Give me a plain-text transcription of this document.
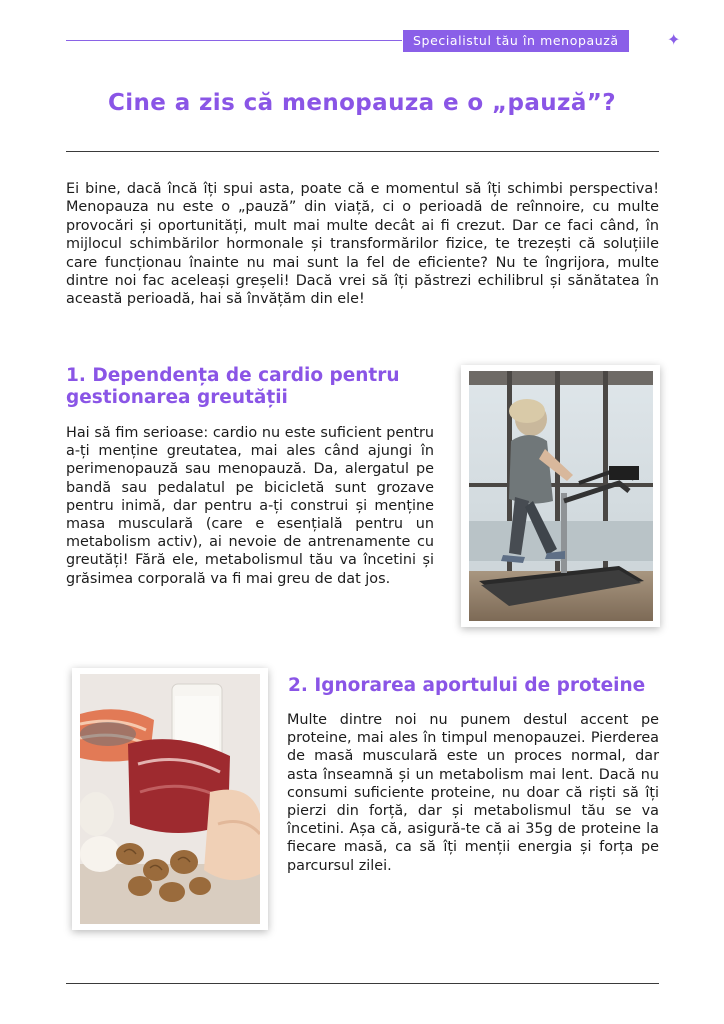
Specialistul tău în menopauză	✦
Cine a zis că menopauza e o „pauză”?

Ei bine, dacă încă îți spui asta, poate că e momentul să îți schimbi perspectiva! Menopauza nu este o „pauză” din viață, ci o perioadă de reînnoire, cu multe provocări și oportunități, mult mai multe decât ai fi crezut. Dar ce faci când, în mijlocul schimbărilor hormonale și transformărilor fizice, te trezești că soluțiile care funcționau înainte nu mai sunt la fel de eficiente? Nu te îngrijora, multe dintre noi fac aceleași greșeli! Dacă vrei să îți păstrezi echilibrul și sănătatea în această perioadă, hai să învățăm din ele!

1. Dependența de cardio pentru gestionarea greutății

Hai să fim serioase: cardio nu este suficient pentru a-ți menține greutatea, mai ales când ajungi în perimenopauză sau menopauză. Da, alergatul pe bandă sau pedalatul pe bicicletă sunt grozave pentru inimă, dar pentru a-ți construi și menține masa musculară (care e esențială pentru un metabolism activ), ai nevoie de antrenamente cu greutăți! Fără ele, metabolismul tău va încetini și grăsimea corporală va fi mai greu de dat jos.

2. Ignorarea aportului de proteine

Multe dintre noi nu punem destul accent pe proteine, mai ales în timpul menopauzei. Pierderea de masă musculară este un proces normal, dar asta înseamnă și un metabolism mai lent. Dacă nu consumi suficiente proteine, nu doar că riști să îți pierzi din forță, dar și metabolismul tău se va încetini. Așa că, asigură-te că ai 35g de proteine la fiecare masă, ca să îți menții energia și forța pe parcursul zilei.
